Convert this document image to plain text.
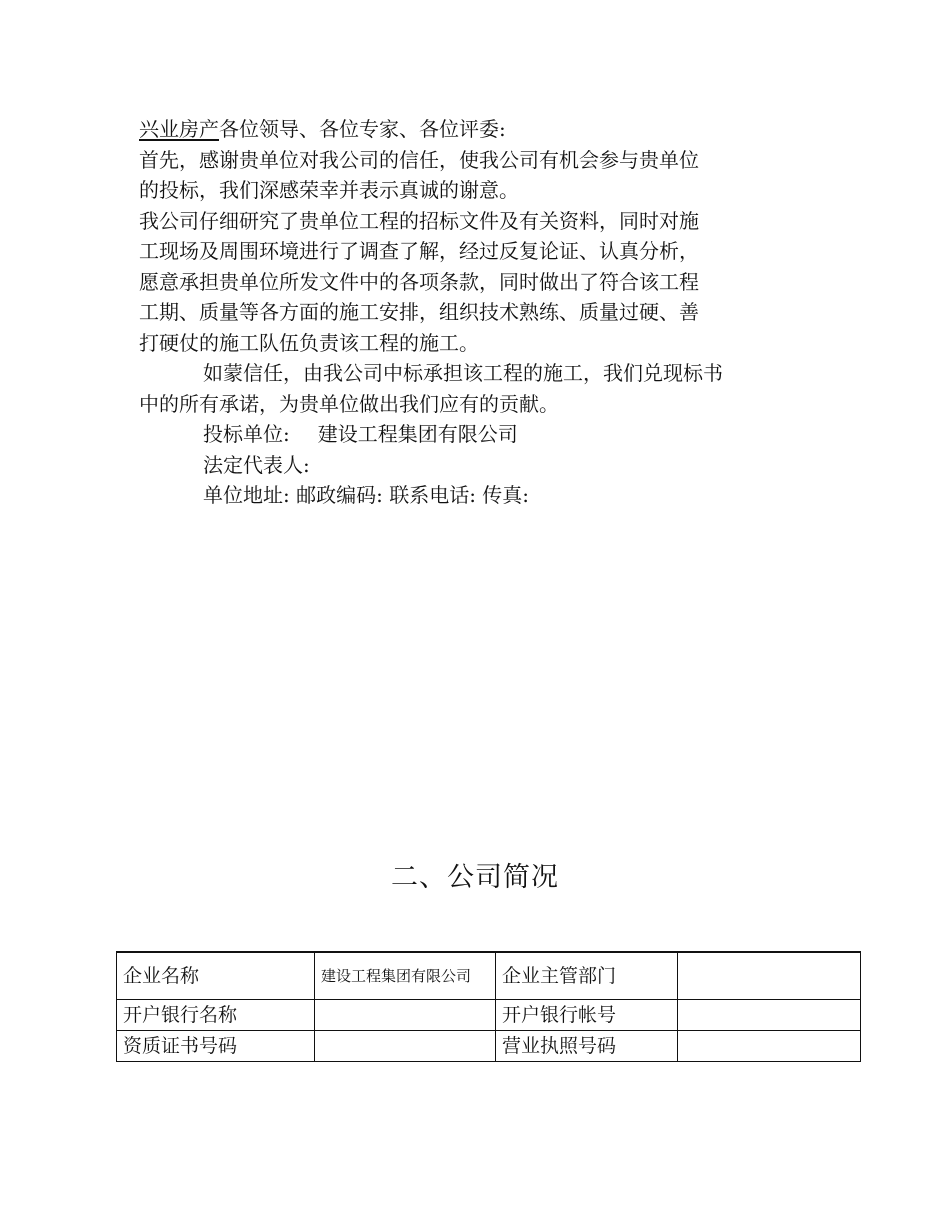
兴业房产各位领导、各位专家、各位评委:
首先，感谢贵单位对我公司的信任，使我公司有机会参与贵单位
的投标，我们深感荣幸并表示真诚的谢意。
我公司仔细研究了贵单位工程的招标文件及有关资料，同时对施
工现场及周围环境进行了调查了解，经过反复论证、认真分析，
愿意承担贵单位所发文件中的各项条款，同时做出了符合该工程
工期、质量等各方面的施工安排，组织技术熟练、质量过硬、善
打硬仗的施工队伍负责该工程的施工。
如蒙信任，由我公司中标承担该工程的施工，我们兑现标书
中的所有承诺，为贵单位做出我们应有的贡献。
投标单位: 建设工程集团有限公司
法定代表人:
单位地址: 邮政编码: 联系电话: 传真:
二、公司简况
企业名称	建设工程集团有限公司	企业主管部门	
开户银行名称		开户银行帐号	
资质证书号码		营业执照号码	
